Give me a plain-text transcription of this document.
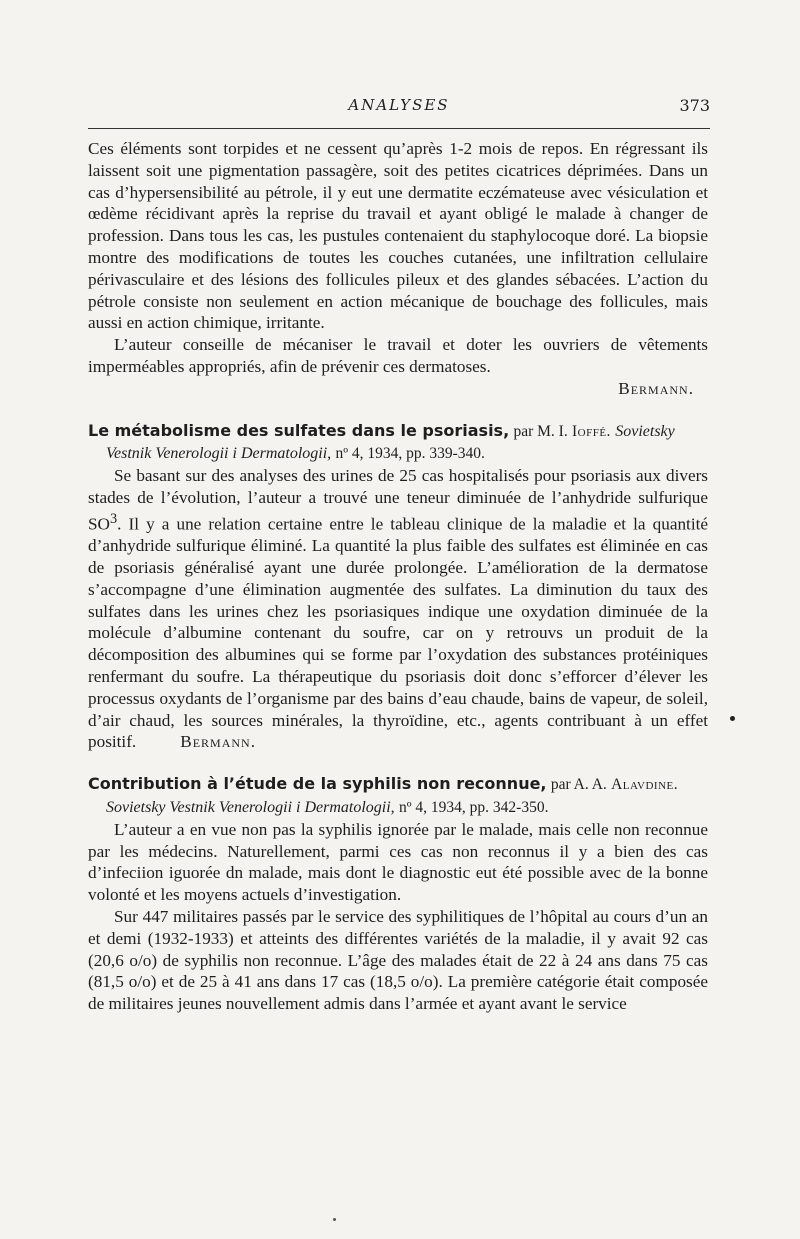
ANALYSES	373

Ces éléments sont torpides et ne cessent qu’après 1-2 mois de repos. En régressant ils laissent soit une pigmentation passagère, soit des petites cicatrices déprimées. Dans un cas d’hypersensibilité au pétrole, il y eut une dermatite eczémateuse avec vésiculation et œdème récidivant après la reprise du travail et ayant obligé le malade à changer de profession. Dans tous les cas, les pustules contenaient du staphylocoque doré. La biopsie montre des modifications de toutes les couches cutanées, une infiltration cellulaire périvasculaire et des lésions des follicules pileux et des glandes sébacées. L’action du pétrole consiste non seulement en action mécanique de bouchage des follicules, mais aussi en action chimique, irritante.

L’auteur conseille de mécaniser le travail et doter les ouvriers de vêtements imperméables appropriés, afin de prévenir ces dermatoses.

Bermann.

Le métabolisme des sulfates dans le psoriasis, par M. I. Ioffé. Sovietsky
Vestnik Venerologii i Dermatologii, nº 4, 1934, pp. 339-340.

Se basant sur des analyses des urines de 25 cas hospitalisés pour psoriasis aux divers stades de l’évolution, l’auteur a trouvé une teneur diminuée de l’anhydride sulfurique $SO^3$. Il y a une relation certaine entre le tableau clinique de la maladie et la quantité d’anhydride sulfurique éliminé. La quantité la plus faible des sulfates est éliminée en cas de psoriasis généralisé ayant une durée prolongée. L’amélioration de la dermatose s’accompagne d’une élimination augmentée des sulfates. La diminution du taux des sulfates dans les urines chez les psoriasiques indique une oxydation diminuée de la molécule d’albumine contenant du soufre, car on y retrouvs un produit de la décomposition des albumines qui se forme par l’oxydation des substances protéiniques renfermant du soufre. La thérapeutique du psoriasis doit donc s’efforcer d’élever les processus oxydants de l’organisme par des bains d’eau chaude, bains de vapeur, de soleil, d’air chaud, les sources minérales, la thyroïdine, etc., agents contribuant à un effet positif.	Bermann.

Contribution à l’étude de la syphilis non reconnue, par A. A. Alavdine.
Sovietsky Vestnik Venerologii i Dermatologii, nº 4, 1934, pp. 342-350.

L’auteur a en vue non pas la syphilis ignorée par le malade, mais celle non reconnue par les médecins. Naturellement, parmi ces cas non reconnus il y a bien des cas d’infeciion iguorée dn malade, mais dont le diagnostic eut été possible avec de la bonne volonté et les moyens actuels d’investigation.

Sur 447 militaires passés par le service des syphilitiques de l’hôpital au cours d’un an et demi (1932-1933) et atteints des différentes variétés de la maladie, il y avait 92 cas (20,6 o/o) de syphilis non reconnue. L’âge des malades était de 22 à 24 ans dans 75 cas (81,5 o/o) et de 25 à 41 ans dans 17 cas (18,5 o/o). La première catégorie était composée de militaires jeunes nouvellement admis dans l’armée et ayant avant le service
